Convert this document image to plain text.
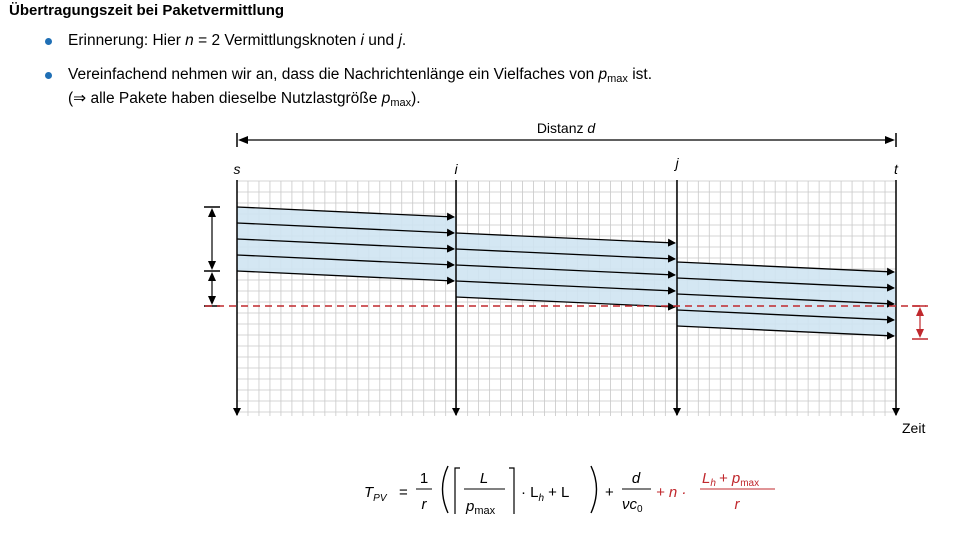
Übertragungszeit bei Paketvermittlung
Erinnerung: Hier n = 2 Vermittlungsknoten i und j.
Vereinfachend nehmen wir an, dass die Nachrichtenlänge ein Vielfaches von $p_{max}$ ist.
(⇒ alle Pakete haben dieselbe Nutzlastgröße $p_{max}$).
Distanz d
s	i	j	t
Zeit
$T_{PV}$ =
1
r
L
$p_{max}$
· $L_h + L$ +
d
$\nu c_0$
+ n ·
$L_h + p_{max}$
r
